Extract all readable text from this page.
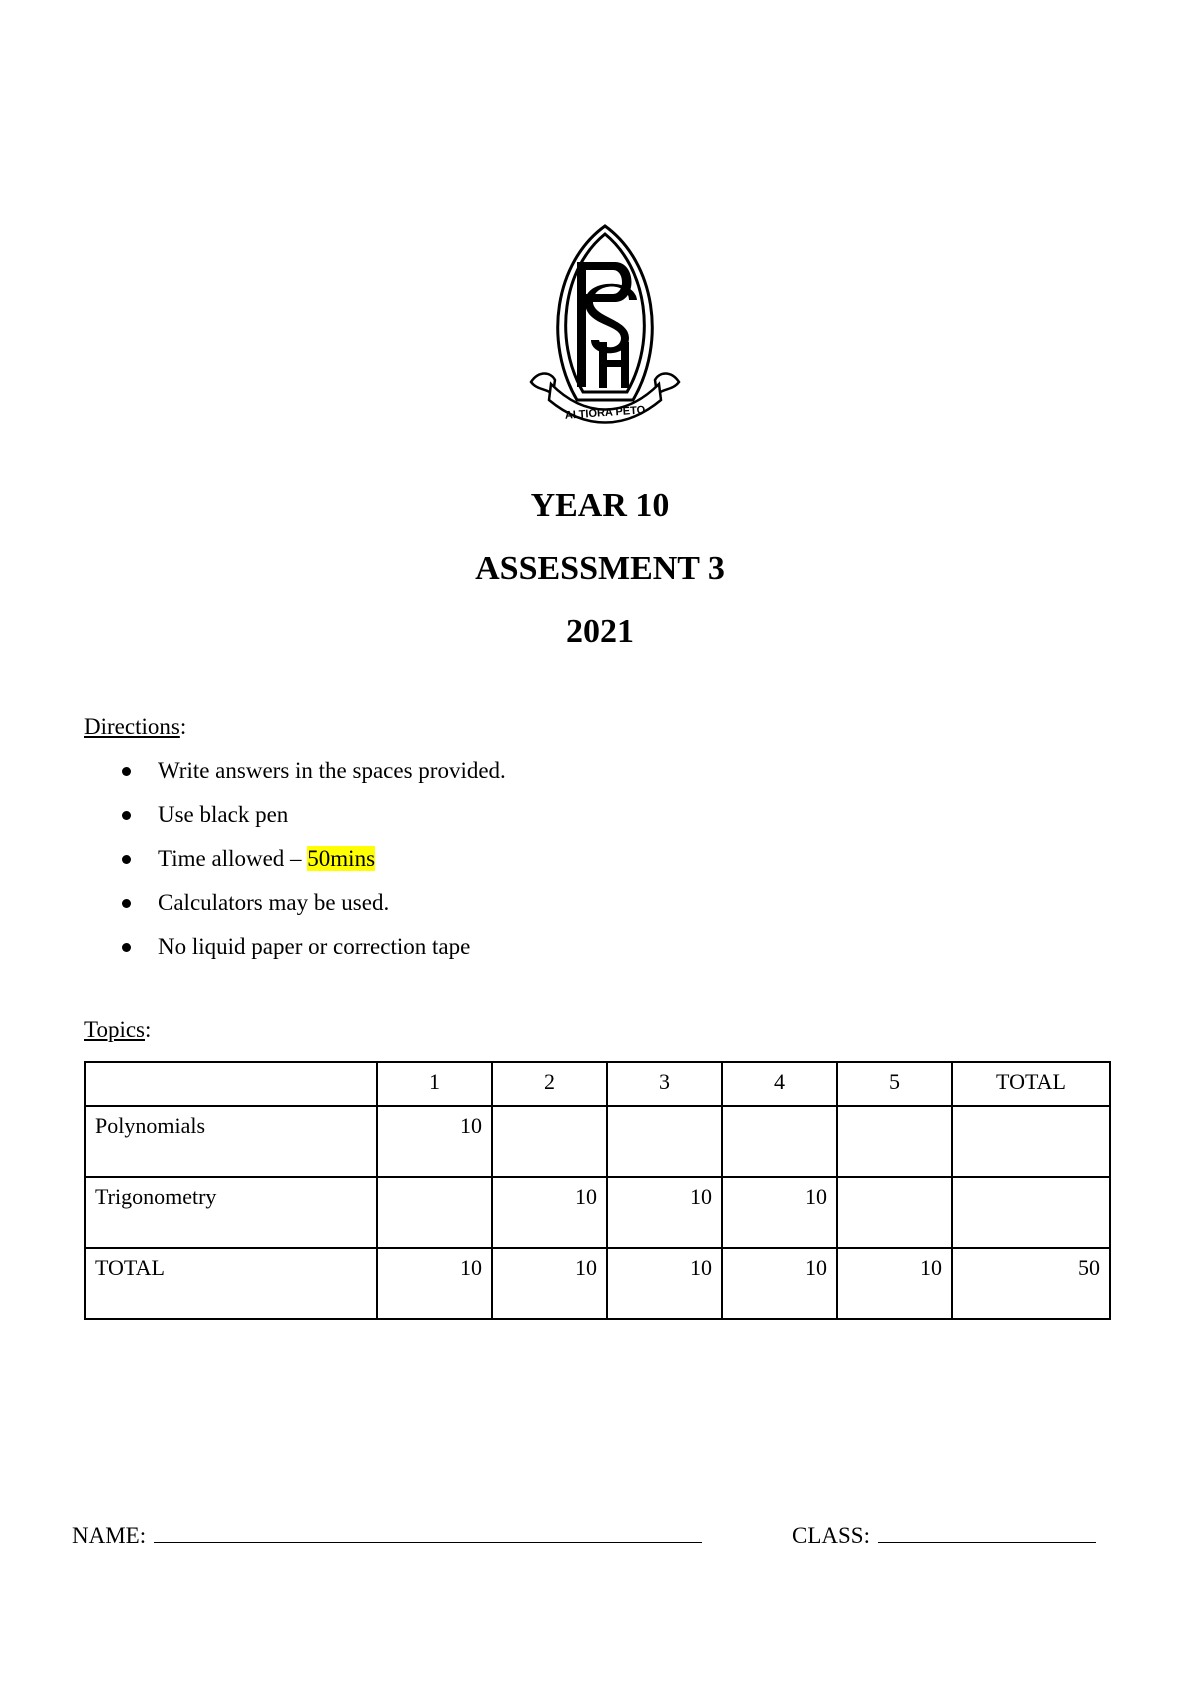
ALTIORA PETO
YEAR 10
ASSESSMENT 3
2021
Directions:
Write answers in the spaces provided.
Use black pen
Time allowed – 50mins
Calculators may be used.
No liquid paper or correction tape
Topics:
	1	2	3	4	5	TOTAL
Polynomials	10					
Trigonometry		10	10	10		
TOTAL	10	10	10	10	10	50
NAME:	CLASS:
